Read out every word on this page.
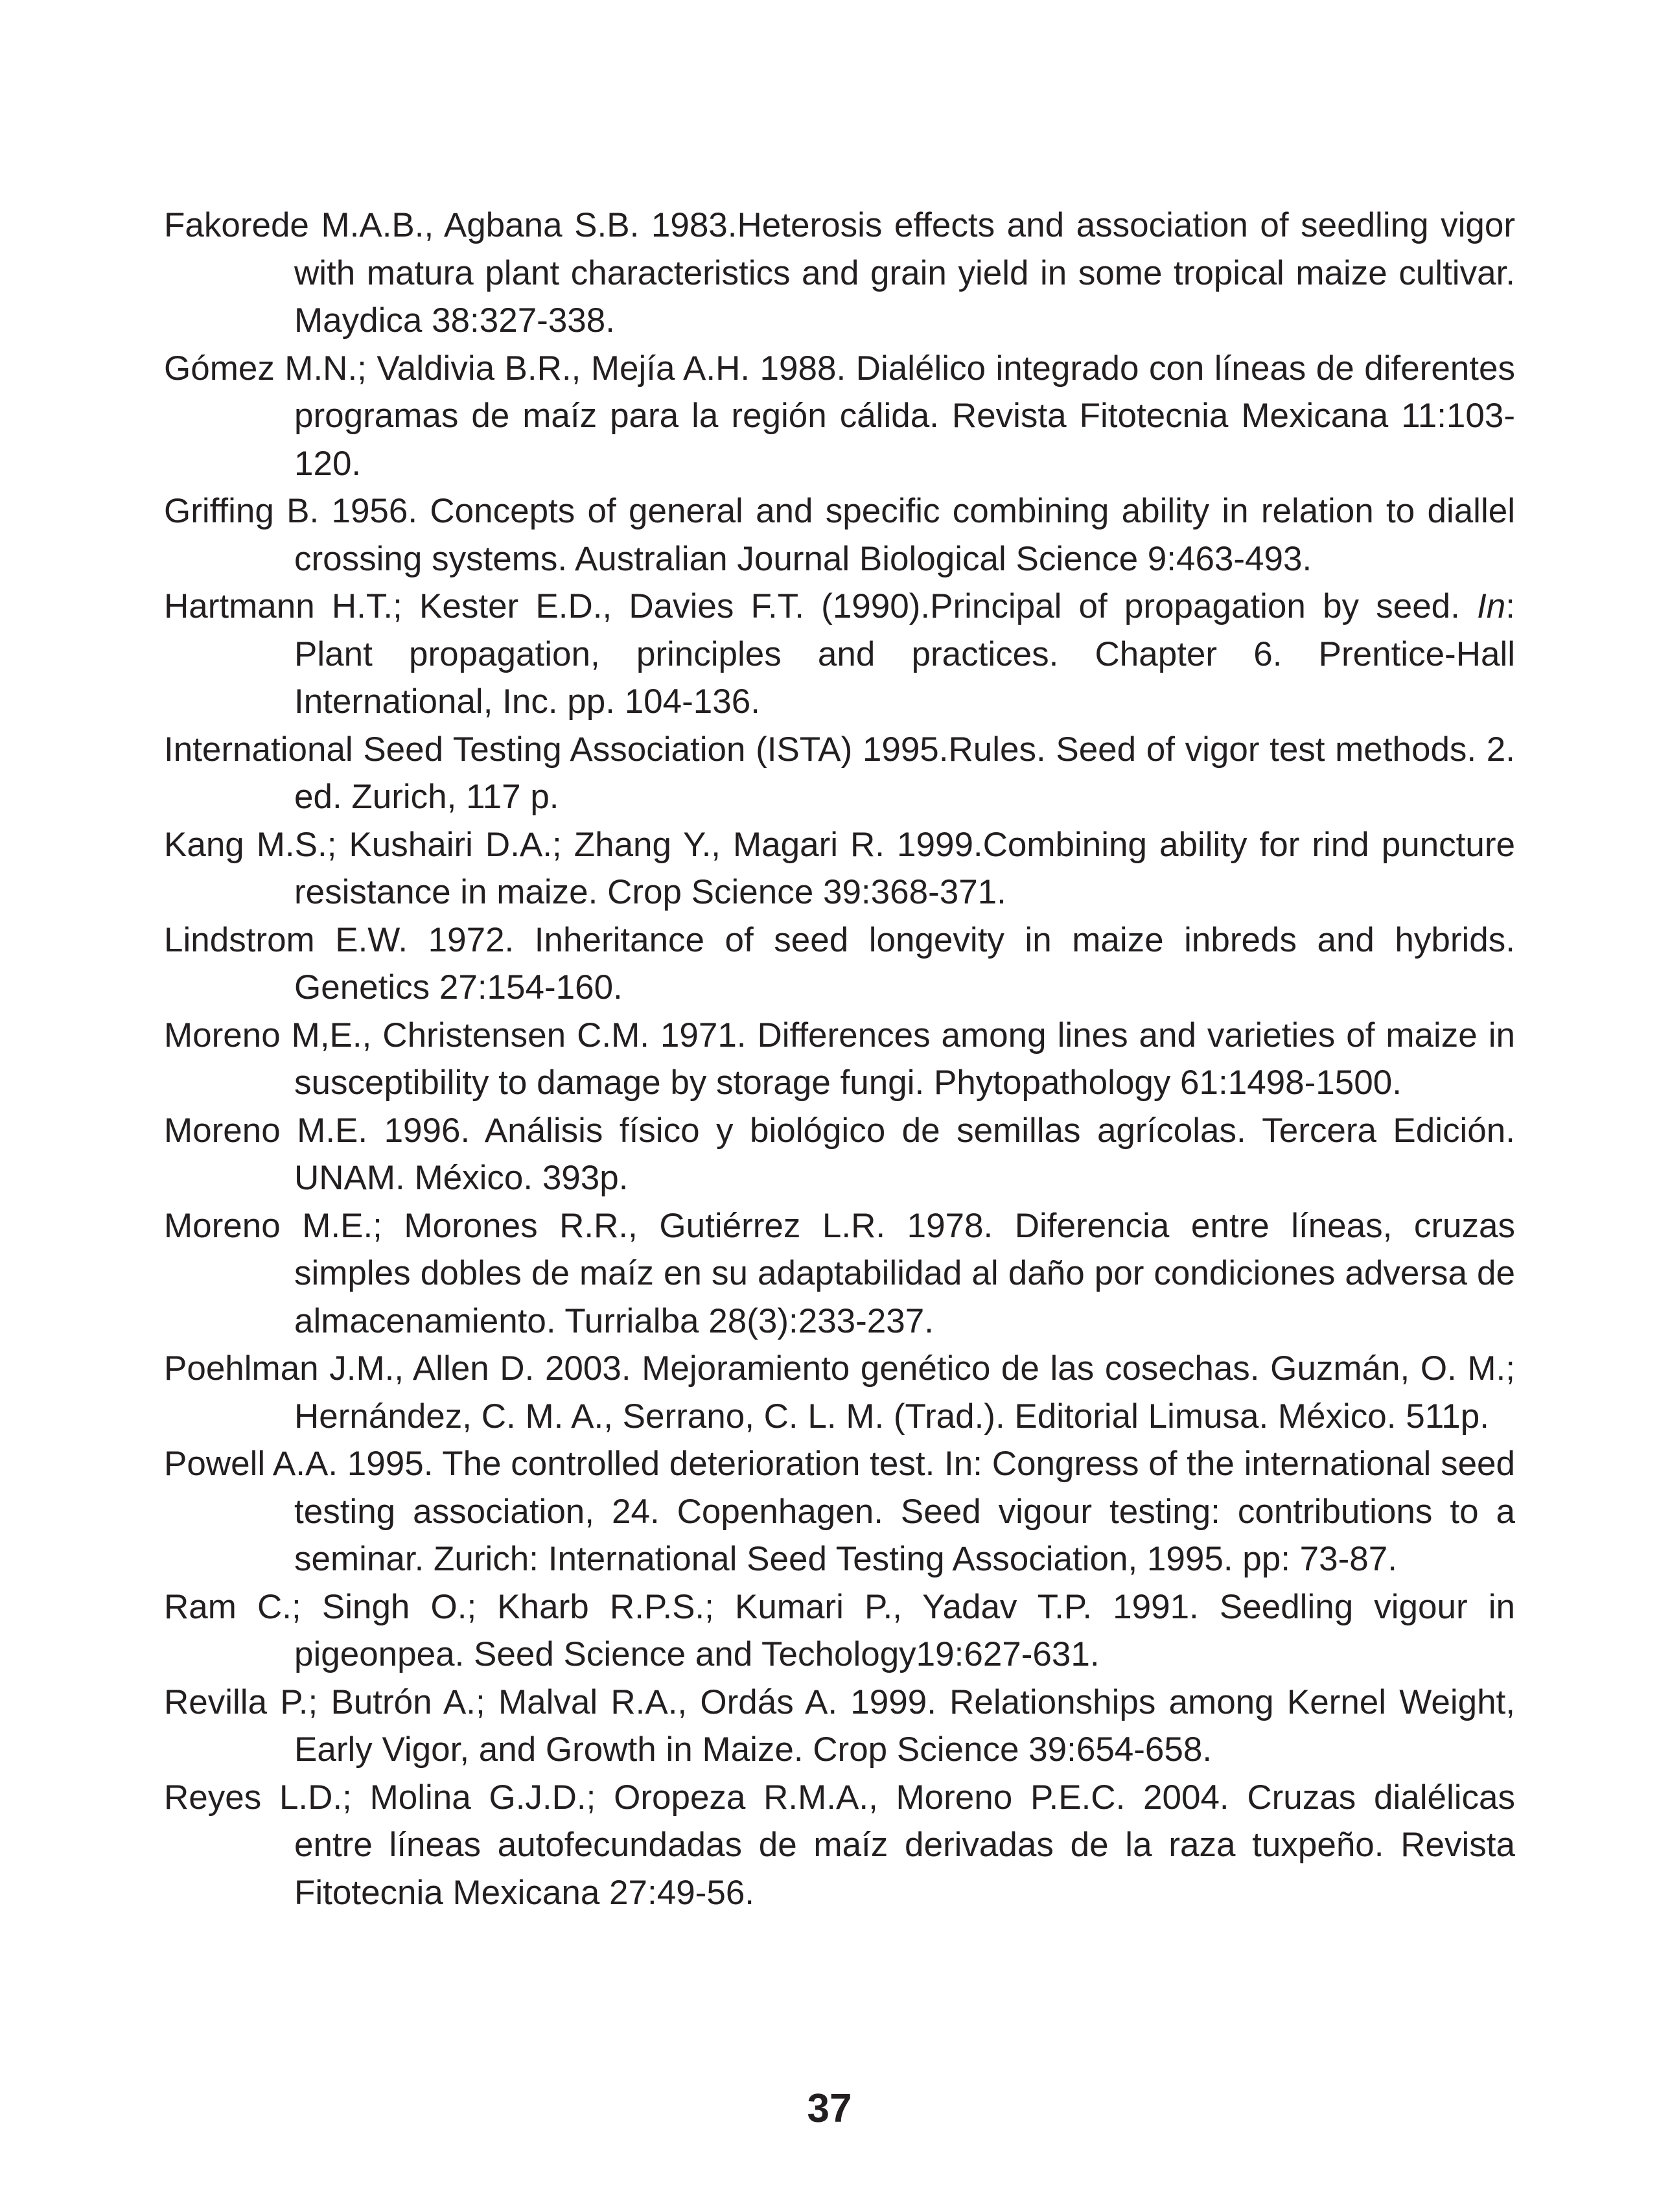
Fakorede M.A.B., Agbana S.B. 1983.Heterosis effects and association of seedling vigor with matura plant characteristics and grain yield in some tropical maize cultivar. Maydica 38:327-338.
Gómez M.N.; Valdivia B.R., Mejía A.H. 1988. Dialélico integrado con líneas de diferentes programas de maíz para la región cálida. Revista Fitotecnia Mexicana 11:103-120.
Griffing B. 1956. Concepts of general and specific combining ability in relation to diallel crossing systems. Australian Journal Biological Science 9:463-493.
Hartmann H.T.; Kester E.D., Davies F.T. (1990).Principal of propagation by seed. In: Plant propagation, principles and practices. Chapter 6. Prentice-Hall International, Inc. pp. 104-136.
International Seed Testing Association (ISTA) 1995.Rules. Seed of vigor test methods. 2. ed. Zurich, 117 p.
Kang M.S.; Kushairi D.A.; Zhang Y., Magari R. 1999.Combining ability for rind puncture resistance in maize. Crop Science 39:368-371.
Lindstrom E.W. 1972. Inheritance of seed longevity in maize inbreds and hybrids. Genetics 27:154-160.
Moreno M,E., Christensen C.M. 1971. Differences among lines and varieties of maize in susceptibility to damage by storage fungi. Phytopathology 61:1498-1500.
Moreno M.E. 1996. Análisis físico y biológico de semillas agrícolas. Tercera Edición. UNAM. México. 393p.
Moreno M.E.; Morones R.R., Gutiérrez L.R. 1978. Diferencia entre líneas, cruzas simples dobles de maíz en su adaptabilidad al daño por condiciones adversa de almacenamiento. Turrialba 28(3):233-237.
Poehlman J.M., Allen D. 2003. Mejoramiento genético de las cosechas. Guzmán, O. M.; Hernández, C. M. A., Serrano, C. L. M. (Trad.). Editorial Limusa. México. 511p.
Powell A.A. 1995. The controlled deterioration test. In: Congress of the international seed testing association, 24. Copenhagen. Seed vigour testing: contributions to a seminar. Zurich: International Seed Testing Association, 1995. pp: 73-87.
Ram C.; Singh O.; Kharb R.P.S.; Kumari P., Yadav T.P. 1991. Seedling vigour in pigeonpea. Seed Science and Techology19:627-631.
Revilla P.; Butrón A.; Malval R.A., Ordás A. 1999. Relationships among Kernel Weight, Early Vigor, and Growth in Maize. Crop Science 39:654-658.
Reyes L.D.; Molina G.J.D.; Oropeza R.M.A., Moreno P.E.C. 2004. Cruzas dialélicas entre líneas autofecundadas de maíz derivadas de la raza tuxpeño. Revista Fitotecnia Mexicana 27:49-56.
37
